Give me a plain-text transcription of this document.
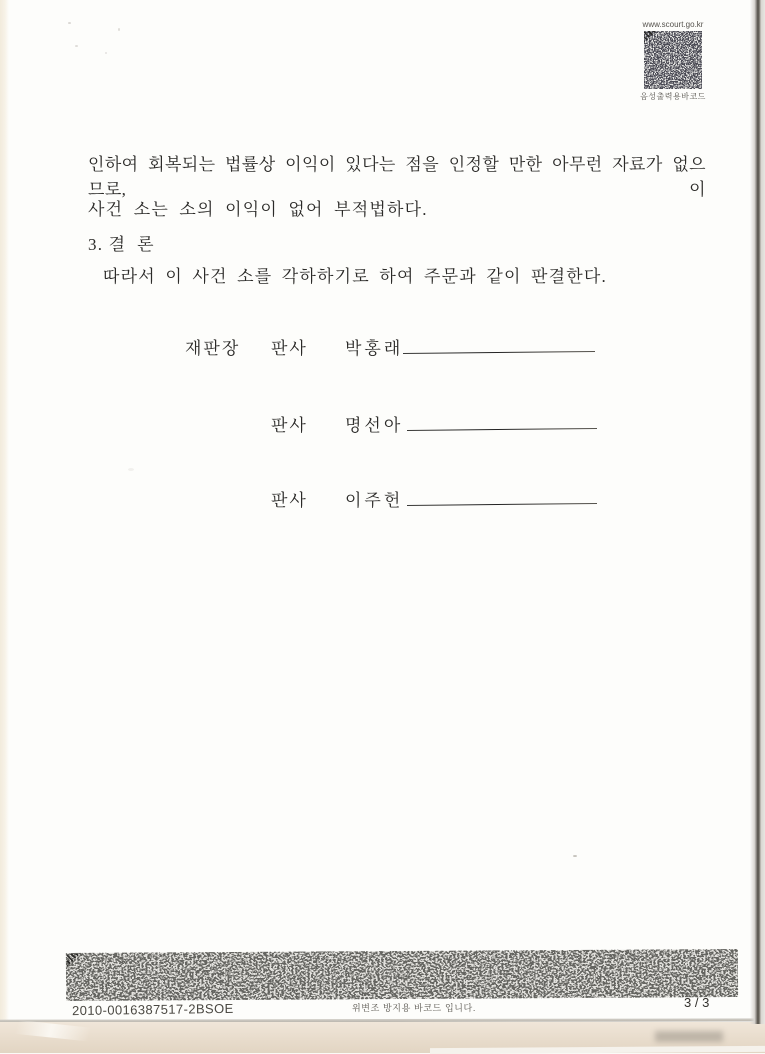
www.scourt.go.kr
음성출력용바코드
인하여 회복되는 법률상 이익이 있다는 점을 인정할 만한 아무런 자료가 없으므로, 이
사건 소는 소의 이익이 없어 부적법하다.
3. 결  론
따라서 이 사건 소를 각하하기로 하여 주문과 같이 판결한다.
재판장 판사 박홍래
판사 명선아
판사 이주헌
2010-0016387517-2BSOE	위변조 방지용 바코드 입니다.	3 / 3
